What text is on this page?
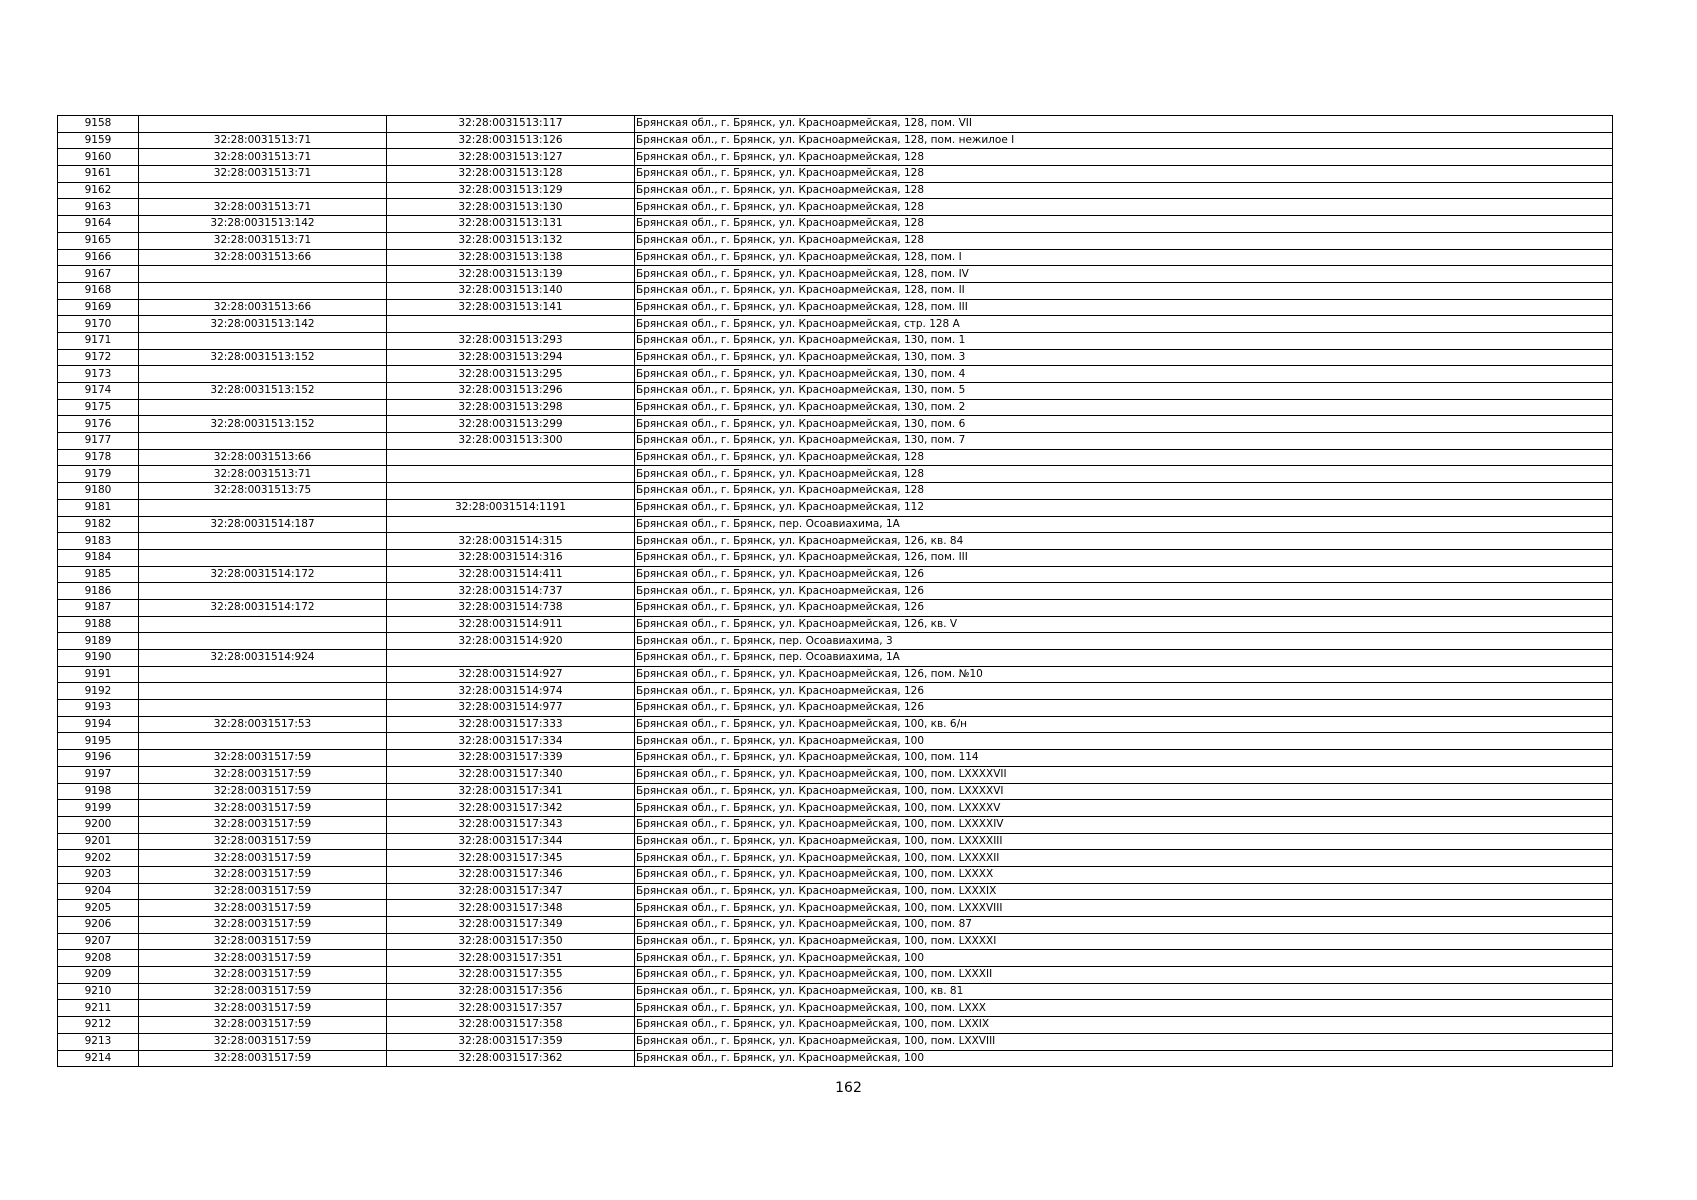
9158		32:28:0031513:117	Брянская обл., г. Брянск, ул. Красноармейская, 128, пом. VII
9159	32:28:0031513:71	32:28:0031513:126	Брянская обл., г. Брянск, ул. Красноармейская, 128, пом. нежилое I
9160	32:28:0031513:71	32:28:0031513:127	Брянская обл., г. Брянск, ул. Красноармейская, 128
9161	32:28:0031513:71	32:28:0031513:128	Брянская обл., г. Брянск, ул. Красноармейская, 128
9162		32:28:0031513:129	Брянская обл., г. Брянск, ул. Красноармейская, 128
9163	32:28:0031513:71	32:28:0031513:130	Брянская обл., г. Брянск, ул. Красноармейская, 128
9164	32:28:0031513:142	32:28:0031513:131	Брянская обл., г. Брянск, ул. Красноармейская, 128
9165	32:28:0031513:71	32:28:0031513:132	Брянская обл., г. Брянск, ул. Красноармейская, 128
9166	32:28:0031513:66	32:28:0031513:138	Брянская обл., г. Брянск, ул. Красноармейская, 128, пом. I
9167		32:28:0031513:139	Брянская обл., г. Брянск, ул. Красноармейская, 128, пом. IV
9168		32:28:0031513:140	Брянская обл., г. Брянск, ул. Красноармейская, 128, пом. II
9169	32:28:0031513:66	32:28:0031513:141	Брянская обл., г. Брянск, ул. Красноармейская, 128, пом. III
9170	32:28:0031513:142		Брянская обл., г. Брянск, ул. Красноармейская, стр. 128 А
9171		32:28:0031513:293	Брянская обл., г. Брянск, ул. Красноармейская, 130, пом. 1
9172	32:28:0031513:152	32:28:0031513:294	Брянская обл., г. Брянск, ул. Красноармейская, 130, пом. 3
9173		32:28:0031513:295	Брянская обл., г. Брянск, ул. Красноармейская, 130, пом. 4
9174	32:28:0031513:152	32:28:0031513:296	Брянская обл., г. Брянск, ул. Красноармейская, 130, пом. 5
9175		32:28:0031513:298	Брянская обл., г. Брянск, ул. Красноармейская, 130, пом. 2
9176	32:28:0031513:152	32:28:0031513:299	Брянская обл., г. Брянск, ул. Красноармейская, 130, пом. 6
9177		32:28:0031513:300	Брянская обл., г. Брянск, ул. Красноармейская, 130, пом. 7
9178	32:28:0031513:66		Брянская обл., г. Брянск, ул. Красноармейская, 128
9179	32:28:0031513:71		Брянская обл., г. Брянск, ул. Красноармейская, 128
9180	32:28:0031513:75		Брянская обл., г. Брянск, ул. Красноармейская, 128
9181		32:28:0031514:1191	Брянская обл., г. Брянск, ул. Красноармейская, 112
9182	32:28:0031514:187		Брянская обл., г. Брянск, пер. Осоавиахима, 1А
9183		32:28:0031514:315	Брянская обл., г. Брянск, ул. Красноармейская, 126, кв. 84
9184		32:28:0031514:316	Брянская обл., г. Брянск, ул. Красноармейская, 126, пом. III
9185	32:28:0031514:172	32:28:0031514:411	Брянская обл., г. Брянск, ул. Красноармейская, 126
9186		32:28:0031514:737	Брянская обл., г. Брянск, ул. Красноармейская, 126
9187	32:28:0031514:172	32:28:0031514:738	Брянская обл., г. Брянск, ул. Красноармейская, 126
9188		32:28:0031514:911	Брянская обл., г. Брянск, ул. Красноармейская, 126, кв. V
9189		32:28:0031514:920	Брянская обл., г. Брянск, пер. Осоавиахима, 3
9190	32:28:0031514:924		Брянская обл., г. Брянск, пер. Осоавиахима, 1А
9191		32:28:0031514:927	Брянская обл., г. Брянск, ул. Красноармейская, 126, пом. №10
9192		32:28:0031514:974	Брянская обл., г. Брянск, ул. Красноармейская, 126
9193		32:28:0031514:977	Брянская обл., г. Брянск, ул. Красноармейская, 126
9194	32:28:0031517:53	32:28:0031517:333	Брянская обл., г. Брянск, ул. Красноармейская, 100, кв. 6/н
9195		32:28:0031517:334	Брянская обл., г. Брянск, ул. Красноармейская, 100
9196	32:28:0031517:59	32:28:0031517:339	Брянская обл., г. Брянск, ул. Красноармейская, 100, пом. 114
9197	32:28:0031517:59	32:28:0031517:340	Брянская обл., г. Брянск, ул. Красноармейская, 100, пом. LXXXXVII
9198	32:28:0031517:59	32:28:0031517:341	Брянская обл., г. Брянск, ул. Красноармейская, 100, пом. LXXXXVI
9199	32:28:0031517:59	32:28:0031517:342	Брянская обл., г. Брянск, ул. Красноармейская, 100, пом. LXXXXV
9200	32:28:0031517:59	32:28:0031517:343	Брянская обл., г. Брянск, ул. Красноармейская, 100, пом. LXXXXIV
9201	32:28:0031517:59	32:28:0031517:344	Брянская обл., г. Брянск, ул. Красноармейская, 100, пом. LXXXXIII
9202	32:28:0031517:59	32:28:0031517:345	Брянская обл., г. Брянск, ул. Красноармейская, 100, пом. LXXXXII
9203	32:28:0031517:59	32:28:0031517:346	Брянская обл., г. Брянск, ул. Красноармейская, 100, пом. LXXXX
9204	32:28:0031517:59	32:28:0031517:347	Брянская обл., г. Брянск, ул. Красноармейская, 100, пом. LXXXIX
9205	32:28:0031517:59	32:28:0031517:348	Брянская обл., г. Брянск, ул. Красноармейская, 100, пом. LXXXVIII
9206	32:28:0031517:59	32:28:0031517:349	Брянская обл., г. Брянск, ул. Красноармейская, 100, пом. 87
9207	32:28:0031517:59	32:28:0031517:350	Брянская обл., г. Брянск, ул. Красноармейская, 100, пом. LXXXXI
9208	32:28:0031517:59	32:28:0031517:351	Брянская обл., г. Брянск, ул. Красноармейская, 100
9209	32:28:0031517:59	32:28:0031517:355	Брянская обл., г. Брянск, ул. Красноармейская, 100, пом. LXXXII
9210	32:28:0031517:59	32:28:0031517:356	Брянская обл., г. Брянск, ул. Красноармейская, 100, кв. 81
9211	32:28:0031517:59	32:28:0031517:357	Брянская обл., г. Брянск, ул. Красноармейская, 100, пом. LXXX
9212	32:28:0031517:59	32:28:0031517:358	Брянская обл., г. Брянск, ул. Красноармейская, 100, пом. LXXIX
9213	32:28:0031517:59	32:28:0031517:359	Брянская обл., г. Брянск, ул. Красноармейская, 100, пом. LXXVIII
9214	32:28:0031517:59	32:28:0031517:362	Брянская обл., г. Брянск, ул. Красноармейская, 100
162
